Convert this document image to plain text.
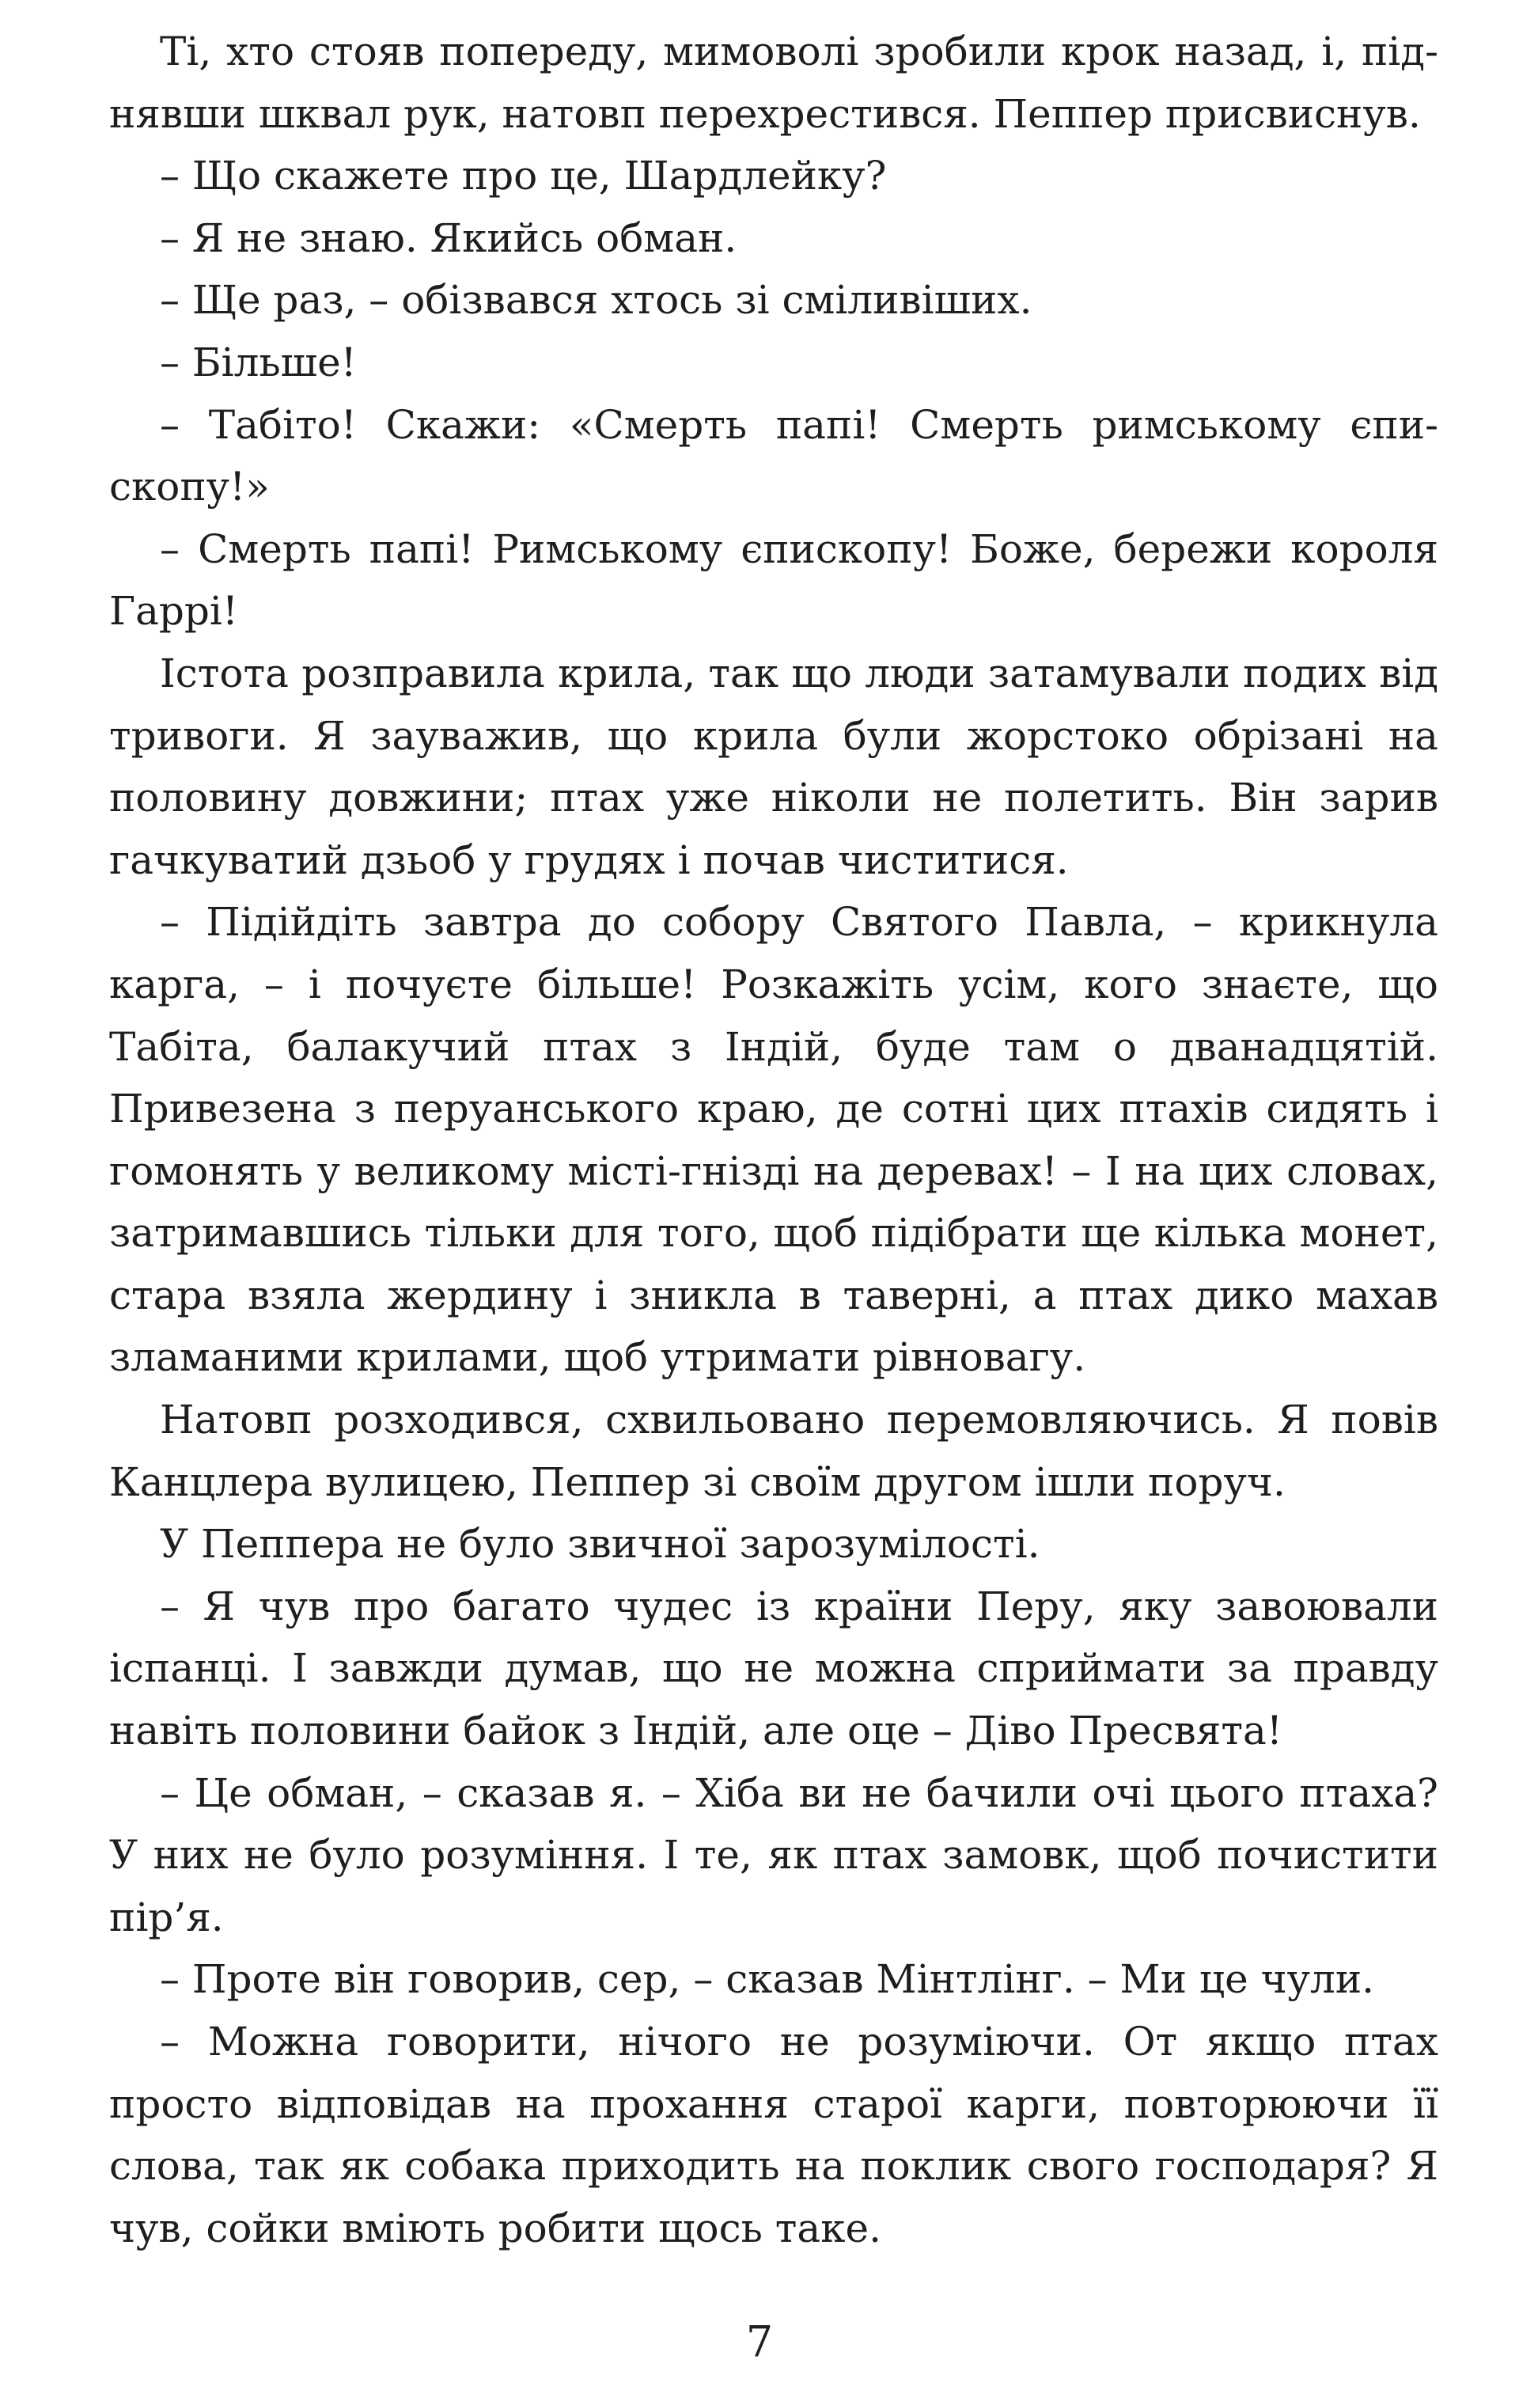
Ті, хто стояв попереду, мимоволі зробили крок назад, і, піднявши шквал рук, натовп перехрестився. Пеппер присвиснув.

– Що скажете про це, Шардлейку?

– Я не знаю. Якийсь обман.

– Ще раз, – обізвався хтось зі сміливіших.

– Більше!

– Табіто! Скажи: «Смерть папі! Смерть римському єпископу!»

– Смерть папі! Римському єпископу! Боже, бережи короля Гаррі!

Істота розправила крила, так що люди затамували подих від тривоги. Я зауважив, що крила були жорстоко обрізані на половину довжини; птах уже ніколи не полетить. Він зарив гачкуватий дзьоб у грудях і почав чиститися.

– Підійдіть завтра до собору Святого Павла, – крикнула карга, – і почуєте більше! Розкажіть усім, кого знаєте, що Табіта, балакучий птах з Індій, буде там о дванадцятій. Привезена з перуанського краю, де сотні цих птахів сидять і гомонять у великому місті-гнізді на деревах! – І на цих словах, затримавшись тільки для того, щоб підібрати ще кілька монет, стара взяла жердину і зникла в таверні, а птах дико махав зламаними крилами, щоб утримати рівновагу.

Натовп розходився, схвильовано перемовляючись. Я повів Канцлера вулицею, Пеппер зі своїм другом ішли поруч.

У Пеппера не було звичної зарозумілості.

– Я чув про багато чудес із країни Перу, яку завоювали іспанці. І завжди думав, що не можна сприймати за правду навіть половини байок з Індій, але оце – Діво Пресвята!

– Це обман, – сказав я. – Хіба ви не бачили очі цього птаха? У них не було розуміння. І те, як птах замовк, щоб почистити пір’я.

– Проте він говорив, сер, – сказав Мінтлінг. – Ми це чули.

– Можна говорити, нічого не розуміючи. От якщо птах просто відповідав на прохання старої карги, повторюючи її слова, так як собака приходить на поклик свого господаря? Я чув, сойки вміють робити щось таке.

7
